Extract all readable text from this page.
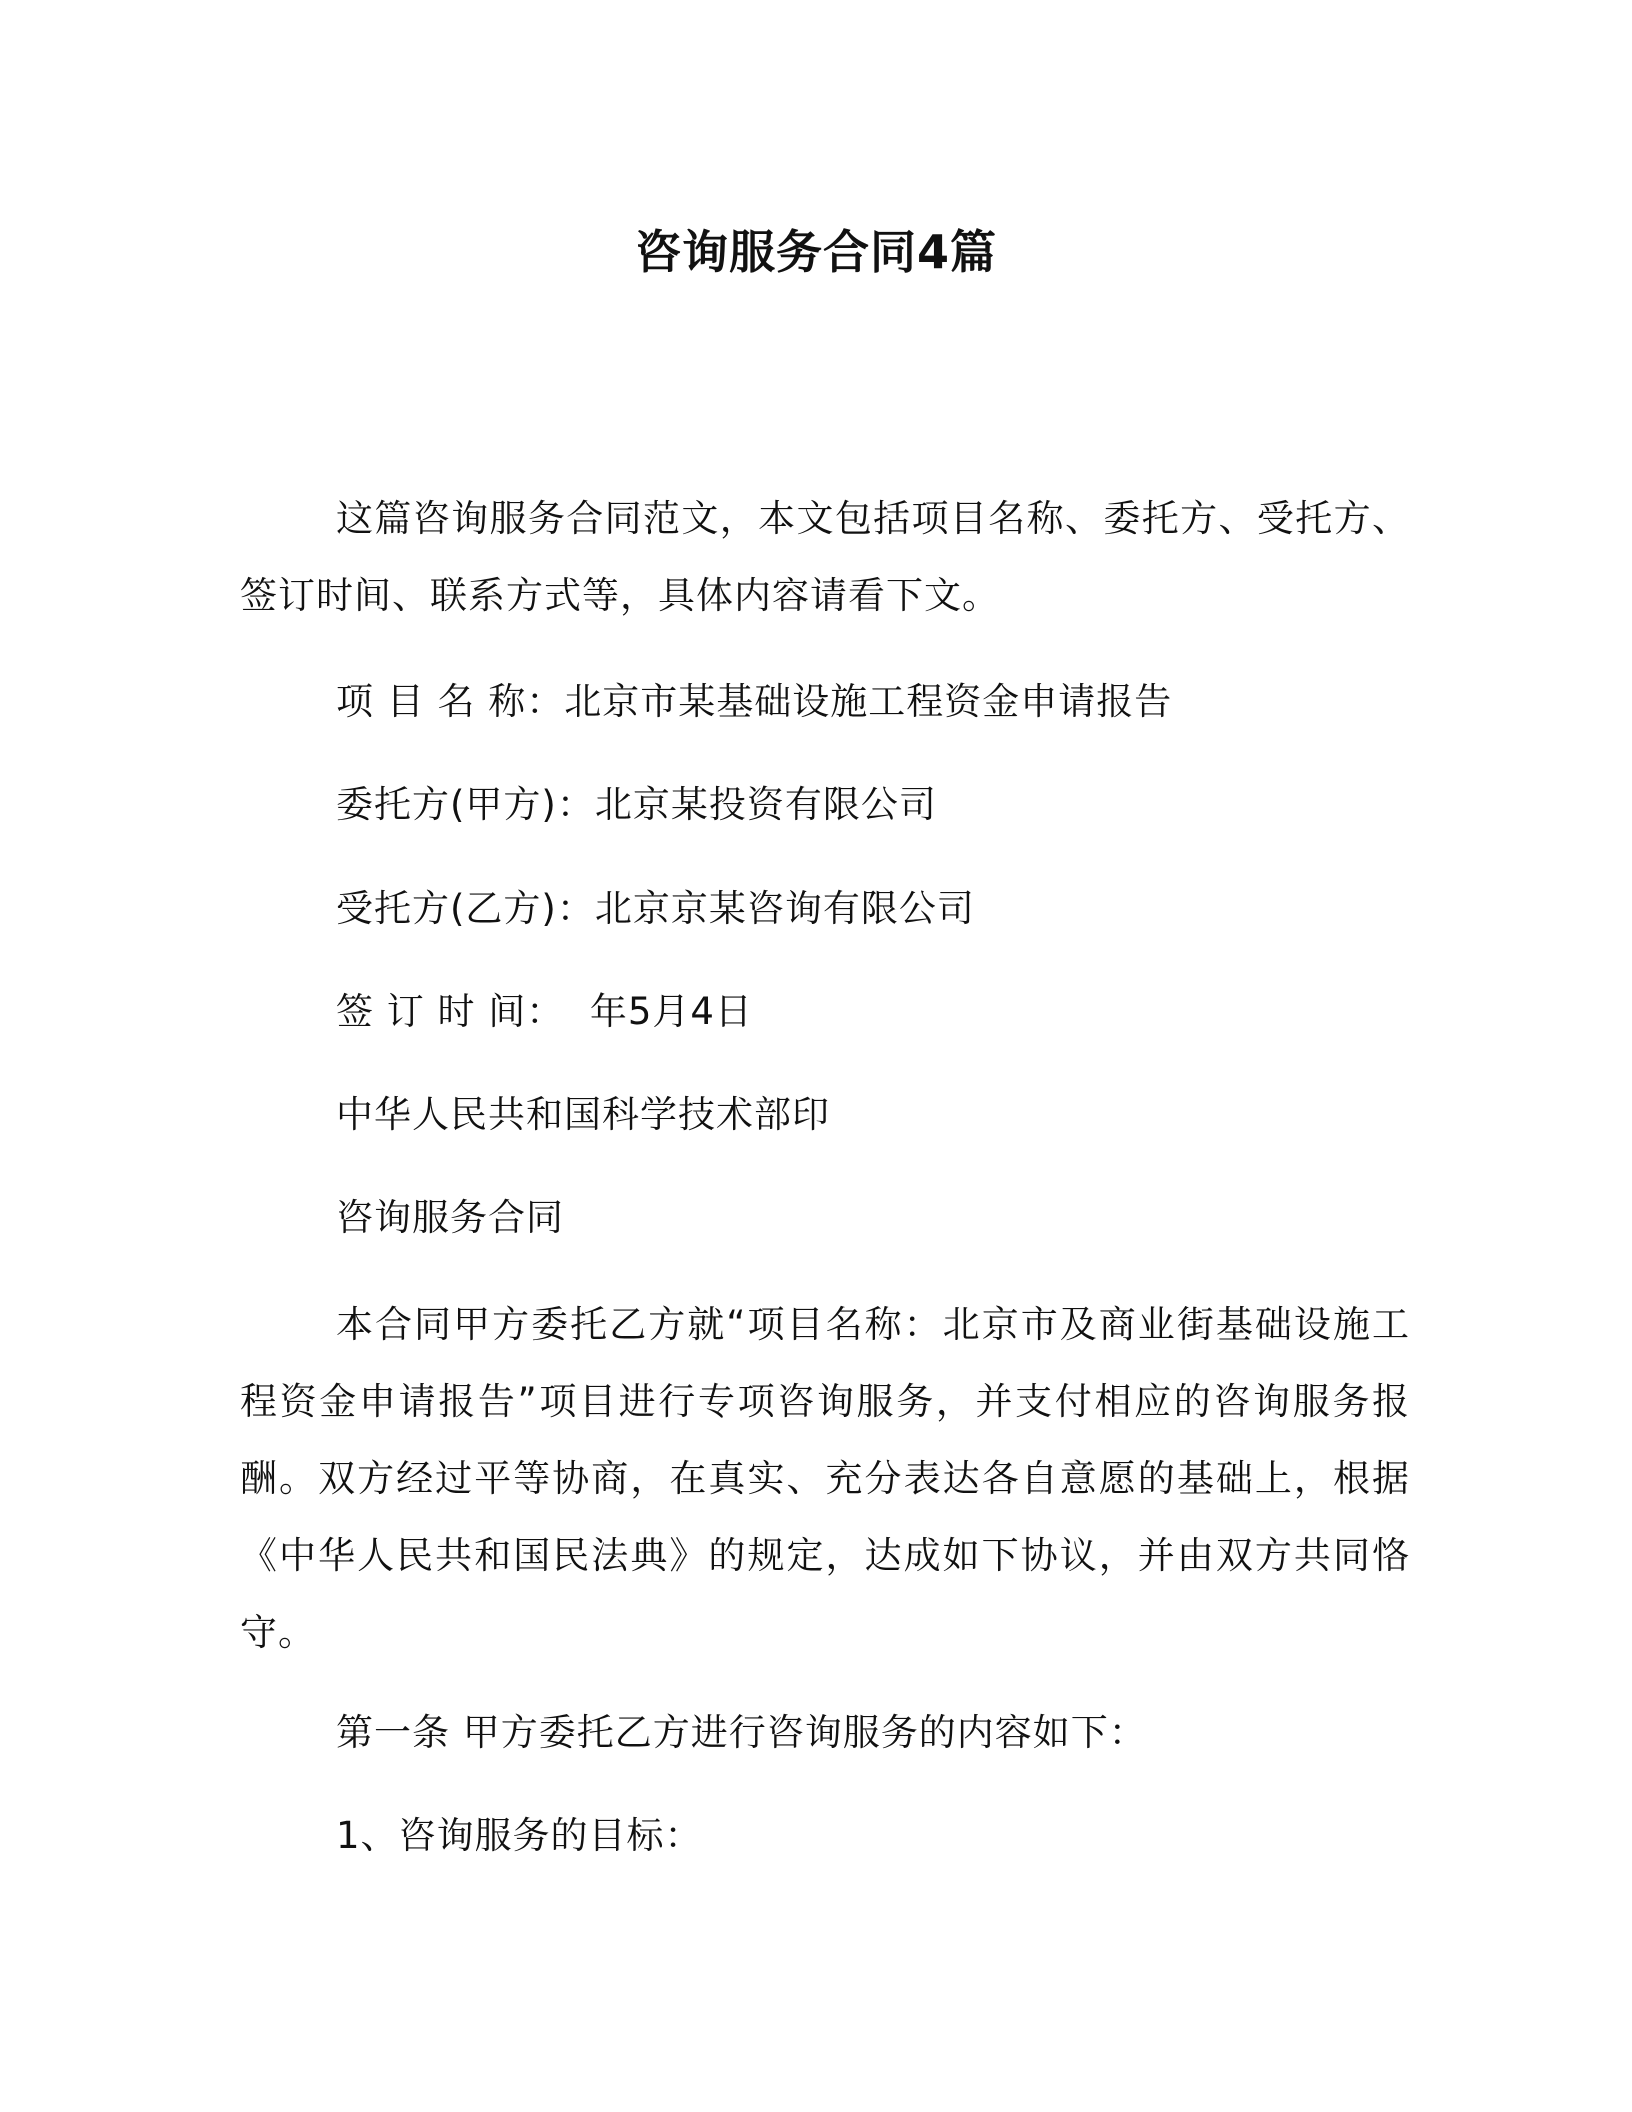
咨询服务合同4篇
这篇咨询服务合同范文，本文包括项目名称、委托方、受托方、签订时间、联系方式等，具体内容请看下文。
项 目 名 称：北京市某基础设施工程资金申请报告
委托方(甲方)：北京某投资有限公司
受托方(乙方)：北京京某咨询有限公司
签 订 时 间： 年5月4日
中华人民共和国科学技术部印
咨询服务合同
本合同甲方委托乙方就“项目名称：北京市及商业街基础设施工程资金申请报告”项目进行专项咨询服务，并支付相应的咨询服务报酬。双方经过平等协商，在真实、充分表达各自意愿的基础上，根据《中华人民共和国民法典》的规定，达成如下协议，并由双方共同恪守。
第一条 甲方委托乙方进行咨询服务的内容如下：
1、咨询服务的目标：
